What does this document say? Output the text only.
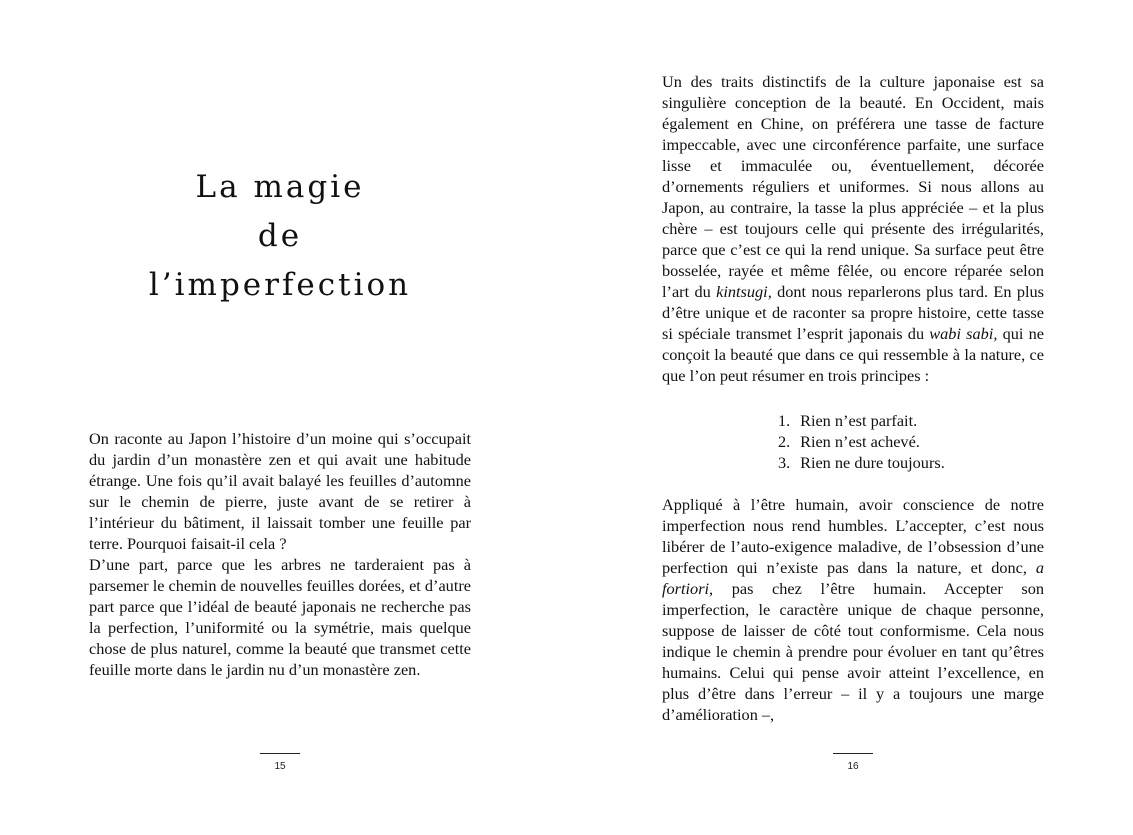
La magie
de
l’imperfection

On raconte au Japon l’histoire d’un moine qui s’occupait du jardin d’un monastère zen et qui avait une habitude étrange. Une fois qu’il avait balayé les feuilles d’automne sur le chemin de pierre, juste avant de se retirer à l’intérieur du bâtiment, il laissait tomber une feuille par terre. Pourquoi faisait-il cela ?

D’une part, parce que les arbres ne tarderaient pas à parsemer le chemin de nouvelles feuilles dorées, et d’autre part parce que l’idéal de beauté japonais ne recherche pas la perfection, l’uniformité ou la symétrie, mais quelque chose de plus naturel, comme la beauté que transmet cette feuille morte dans le jardin nu d’un monastère zen.

15

Un des traits distinctifs de la culture japonaise est sa singulière conception de la beauté. En Occident, mais également en Chine, on préférera une tasse de facture impeccable, avec une circonférence parfaite, une surface lisse et immaculée ou, éventuellement, décorée d’ornements réguliers et uniformes. Si nous allons au Japon, au contraire, la tasse la plus appréciée – et la plus chère – est toujours celle qui présente des irrégularités, parce que c’est ce qui la rend unique. Sa surface peut être bosselée, rayée et même fêlée, ou encore réparée selon l’art du kintsugi, dont nous reparlerons plus tard. En plus d’être unique et de raconter sa propre histoire, cette tasse si spéciale transmet l’esprit japonais du wabi sabi, qui ne conçoit la beauté que dans ce qui ressemble à la nature, ce que l’on peut résumer en trois principes :

1. Rien n’est parfait.
2. Rien n’est achevé.
3. Rien ne dure toujours.

Appliqué à l’être humain, avoir conscience de notre imperfection nous rend humbles. L’accepter, c’est nous libérer de l’auto-exigence maladive, de l’obsession d’une perfection qui n’existe pas dans la nature, et donc, a fortiori, pas chez l’être humain. Accepter son imperfection, le caractère unique de chaque personne, suppose de laisser de côté tout conformisme. Cela nous indique le chemin à prendre pour évoluer en tant qu’êtres humains. Celui qui pense avoir atteint l’excellence, en plus d’être dans l’erreur – il y a toujours une marge d’amélioration –,

16
